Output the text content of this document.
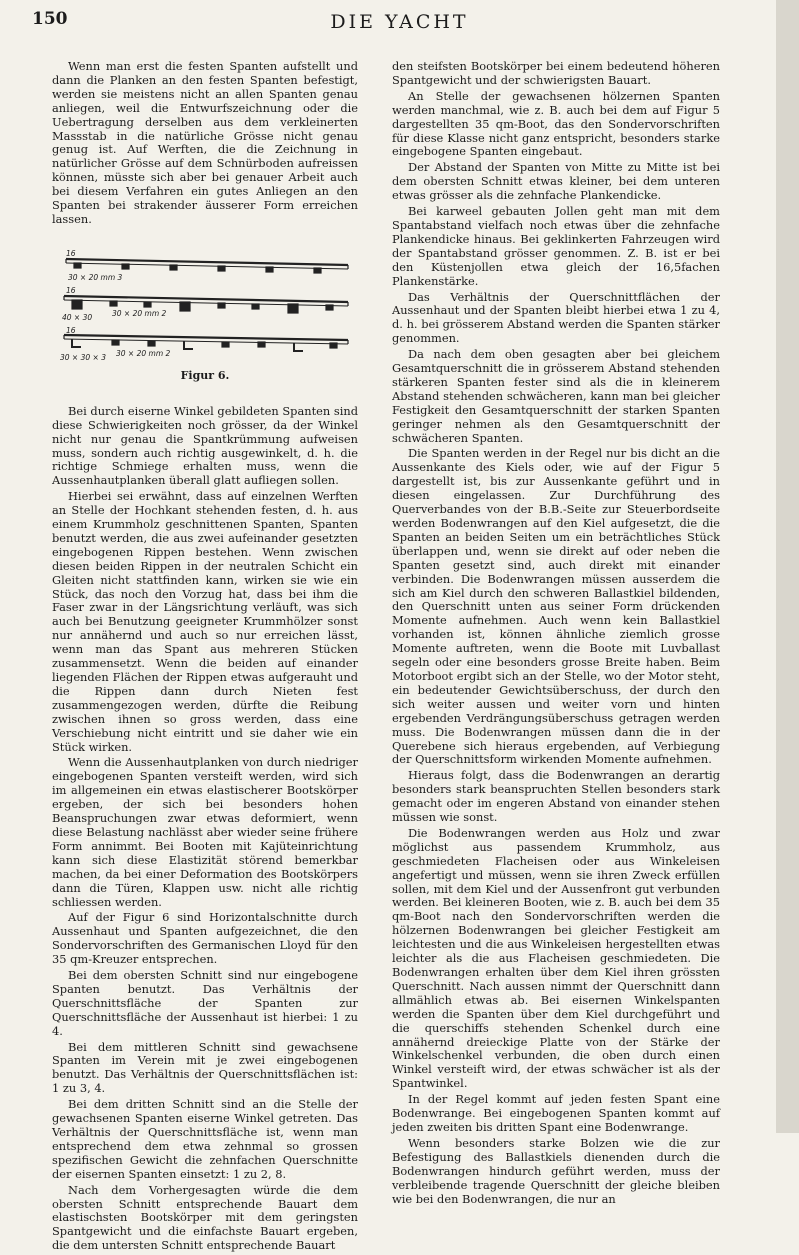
150	DIE YACHT

Wenn man erst die festen Spanten aufstellt und dann die Planken an den festen Spanten befestigt, werden sie meistens nicht an allen Spanten genau anliegen, weil die Entwurfszeichnung oder die Uebertragung derselben aus dem verkleinerten Massstab in die natürliche Grösse nicht genau genug ist. Auf Werften, die die Zeichnung in natürlicher Grösse auf dem Schnürboden aufreissen können, müsste sich aber bei genauer Arbeit auch bei diesem Verfahren ein gutes Anliegen an den Spanten bei strakender äusserer Form erreichen lassen.

16
30 × 20 mm 3
16
40 × 30	30 × 20 mm 2
16
30 × 30 × 3 30 × 20 mm 2
Figur 6.

Bei durch eiserne Winkel gebildeten Spanten sind diese Schwierigkeiten noch grösser, da der Winkel nicht nur genau die Spantkrümmung aufweisen muss, sondern auch richtig ausgewinkelt, d. h. die richtige Schmiege erhalten muss, wenn die Aussenhautplanken überall glatt aufliegen sollen.

Hierbei sei erwähnt, dass auf einzelnen Werften an Stelle der Hochkant stehenden festen, d. h. aus einem Krummholz geschnittenen Spanten, Spanten benutzt werden, die aus zwei aufeinander gesetzten eingebogenen Rippen bestehen. Wenn zwischen diesen beiden Rippen in der neutralen Schicht ein Gleiten nicht stattfinden kann, wirken sie wie ein Stück, das noch den Vorzug hat, dass bei ihm die Faser zwar in der Längsrichtung verläuft, was sich auch bei Benutzung geeigneter Krummhölzer sonst nur annähernd und auch so nur erreichen lässt, wenn man das Spant aus mehreren Stücken zusammensetzt. Wenn die beiden auf einander liegenden Flächen der Rippen etwas aufgerauht und die Rippen dann durch Nieten fest zusammengezogen werden, dürfte die Reibung zwischen ihnen so gross werden, dass eine Verschiebung nicht eintritt und sie daher wie ein Stück wirken.

Wenn die Aussenhautplanken von durch niedriger eingebogenen Spanten versteift werden, wird sich im allgemeinen ein etwas elastischerer Bootskörper ergeben, der sich bei besonders hohen Beanspruchungen zwar etwas deformiert, wenn diese Belastung nachlässt aber wieder seine frühere Form annimmt. Bei Booten mit Kajüteinrichtung kann sich diese Elastizität störend bemerkbar machen, da bei einer Deformation des Bootskörpers dann die Türen, Klappen usw. nicht alle richtig schliessen werden.

Auf der Figur 6 sind Horizontalschnitte durch Aussenhaut und Spanten aufgezeichnet, die den Sondervorschriften des Germanischen Lloyd für den 35 qm-Kreuzer entsprechen.

Bei dem obersten Schnitt sind nur eingebogene Spanten benutzt. Das Verhältnis der Querschnittsfläche der Spanten zur Querschnittsfläche der Aussenhaut ist hierbei: 1 zu 4.

Bei dem mittleren Schnitt sind gewachsene Spanten im Verein mit je zwei eingebogenen benutzt. Das Verhältnis der Querschnittsflächen ist: 1 zu 3, 4.

Bei dem dritten Schnitt sind an die Stelle der gewachsenen Spanten eiserne Winkel getreten. Das Verhältnis der Querschnittsfläche ist, wenn man entsprechend dem etwa zehnmal so grossen spezifischen Gewicht die zehnfachen Querschnitte der eisernen Spanten einsetzt: 1 zu 2, 8.

Nach dem Vorhergesagten würde die dem obersten Schnitt entsprechende Bauart dem elastischsten Bootskörper mit dem geringsten Spantgewicht und die einfachste Bauart ergeben, die dem untersten Schnitt entsprechende Bauart

den steifsten Bootskörper bei einem bedeutend höheren Spantgewicht und der schwierigsten Bauart.

An Stelle der gewachsenen hölzernen Spanten werden manchmal, wie z. B. auch bei dem auf Figur 5 dargestellten 35 qm-Boot, das den Sondervorschriften für diese Klasse nicht ganz entspricht, besonders starke eingebogene Spanten eingebaut.

Der Abstand der Spanten von Mitte zu Mitte ist bei dem obersten Schnitt etwas kleiner, bei dem unteren etwas grösser als die zehnfache Plankendicke.

Bei karweel gebauten Jollen geht man mit dem Spantabstand vielfach noch etwas über die zehnfache Plankendicke hinaus. Bei geklinkerten Fahrzeugen wird der Spantabstand grösser genommen. Z. B. ist er bei den Küstenjollen etwa gleich der 16,5fachen Plankenstärke.

Das Verhältnis der Querschnittflächen der Aussenhaut und der Spanten bleibt hierbei etwa 1 zu 4, d. h. bei grösserem Abstand werden die Spanten stärker genommen.

Da nach dem oben gesagten aber bei gleichem Gesamtquerschnitt die in grösserem Abstand stehenden stärkeren Spanten fester sind als die in kleinerem Abstand stehenden schwächeren, kann man bei gleicher Festigkeit den Gesamtquerschnitt der starken Spanten geringer nehmen als den Gesamtquerschnitt der schwächeren Spanten.

Die Spanten werden in der Regel nur bis dicht an die Aussenkante des Kiels oder, wie auf der Figur 5 dargestellt ist, bis zur Aussenkante geführt und in diesen eingelassen. Zur Durchführung des Querverbandes von der B.B.-Seite zur Steuerbordseite werden Bodenwrangen auf den Kiel aufgesetzt, die die Spanten an beiden Seiten um ein beträchtliches Stück überlappen und, wenn sie direkt auf oder neben die Spanten gesetzt sind, auch direkt mit einander verbinden. Die Bodenwrangen müssen ausserdem die sich am Kiel durch den schweren Ballastkiel bildenden, den Querschnitt unten aus seiner Form drückenden Momente aufnehmen. Auch wenn kein Ballastkiel vorhanden ist, können ähnliche ziemlich grosse Momente auftreten, wenn die Boote mit Luvballast segeln oder eine besonders grosse Breite haben. Beim Motorboot ergibt sich an der Stelle, wo der Motor steht, ein bedeutender Gewichtsüberschuss, der durch den sich weiter aussen und weiter vorn und hinten ergebenden Verdrängungsüberschuss getragen werden muss. Die Bodenwrangen müssen dann die in der Querebene sich hieraus ergebenden, auf Verbiegung der Querschnittsform wirkenden Momente aufnehmen.

Hieraus folgt, dass die Bodenwrangen an derartig besonders stark beanspruchten Stellen besonders stark gemacht oder im engeren Abstand von einander stehen müssen wie sonst.

Die Bodenwrangen werden aus Holz und zwar möglichst aus passendem Krummholz, aus geschmiedeten Flacheisen oder aus Winkeleisen angefertigt und müssen, wenn sie ihren Zweck erfüllen sollen, mit dem Kiel und der Aussenfront gut verbunden werden. Bei kleineren Booten, wie z. B. auch bei dem 35 qm-Boot nach den Sondervorschriften werden die hölzernen Bodenwrangen bei gleicher Festigkeit am leichtesten und die aus Winkeleisen hergestellten etwas leichter als die aus Flacheisen geschmiedeten. Die Bodenwrangen erhalten über dem Kiel ihren grössten Querschnitt. Nach aussen nimmt der Querschnitt dann allmählich etwas ab. Bei eisernen Winkelspanten werden die Spanten über dem Kiel durchgeführt und die querschiffs stehenden Schenkel durch eine annähernd dreieckige Platte von der Stärke der Winkelschenkel verbunden, die oben durch einen Winkel versteift wird, der etwas schwächer ist als der Spantwinkel.

In der Regel kommt auf jeden festen Spant eine Bodenwrange. Bei eingebogenen Spanten kommt auf jeden zweiten bis dritten Spant eine Bodenwrange.

Wenn besonders starke Bolzen wie die zur Befestigung des Ballastkiels dienenden durch die Bodenwrangen hindurch geführt werden, muss der verbleibende tragende Querschnitt der gleiche bleiben wie bei den Bodenwrangen, die nur an
